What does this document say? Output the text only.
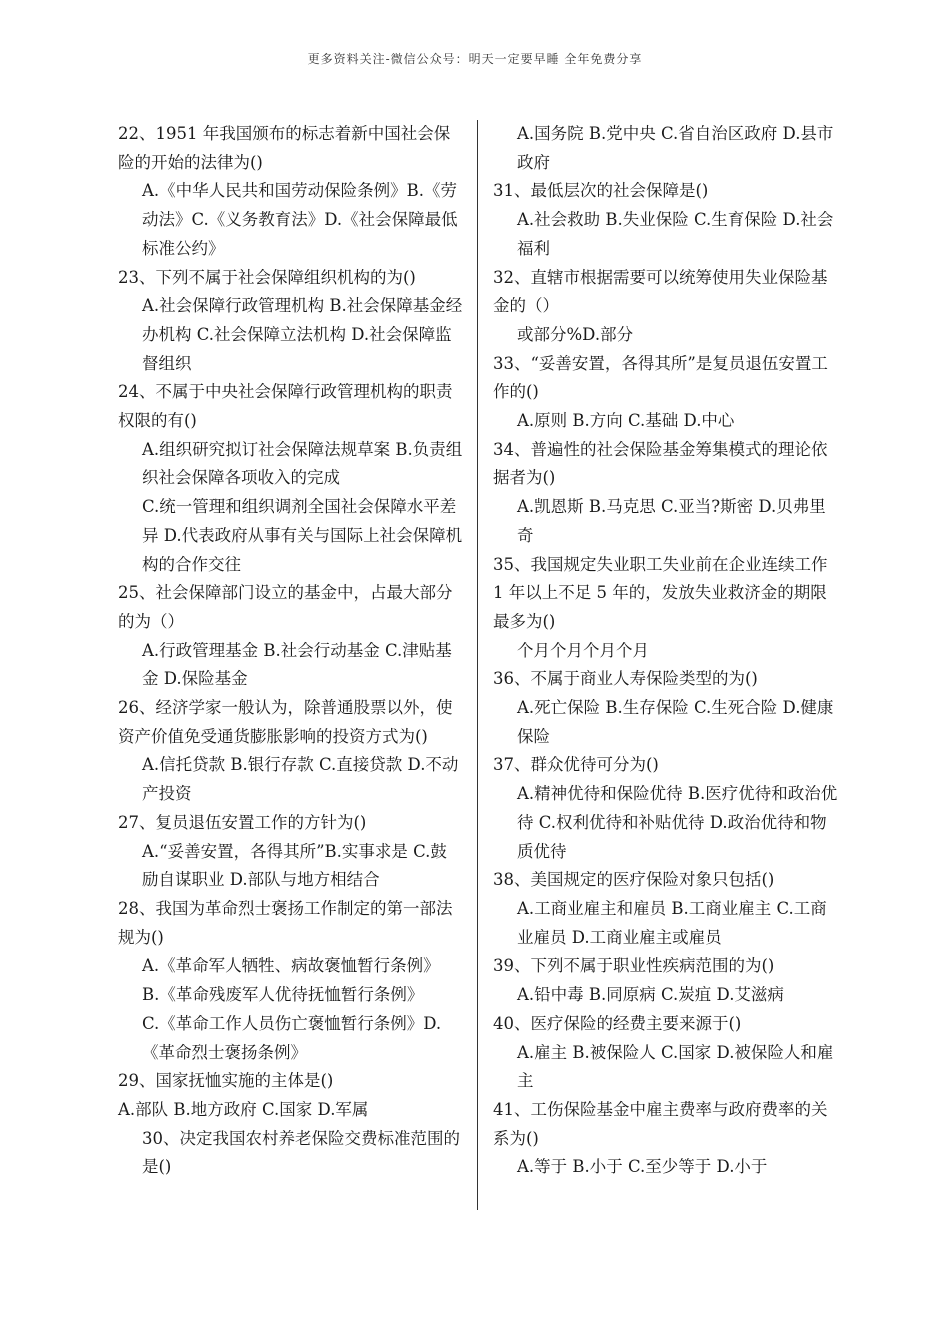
更多资料关注-微信公众号：明天一定要早睡 全年免费分享

22、1951 年我国颁布的标志着新中国社会保险的开始的法律为()

A.《中华人民共和国劳动保险条例》B.《劳动法》C.《义务教育法》D.《社会保障最低标准公约》

23、下列不属于社会保障组织机构的为()

A.社会保障行政管理机构 B.社会保障基金经办机构 C.社会保障立法机构 D.社会保障监督组织

24、不属于中央社会保障行政管理机构的职责权限的有()

A.组织研究拟订社会保障法规草案 B.负责组织社会保障各项收入的完成

C.统一管理和组织调剂全国社会保障水平差异 D.代表政府从事有关与国际上社会保障机构的合作交往

25、社会保障部门设立的基金中，占最大部分的为（）

A.行政管理基金 B.社会行动基金 C.津贴基金 D.保险基金

26、经济学家一般认为，除普通股票以外，使资产价值免受通货膨胀影响的投资方式为()

A.信托贷款 B.银行存款 C.直接贷款 D.不动产投资

27、复员退伍安置工作的方针为()

A.“妥善安置，各得其所”B.实事求是 C.鼓励自谋职业 D.部队与地方相结合

28、我国为革命烈士褒扬工作制定的第一部法规为()

A.《革命军人牺牲、病故褒恤暂行条例》

B.《革命残废军人优待抚恤暂行条例》

C.《革命工作人员伤亡褒恤暂行条例》D.《革命烈士褒扬条例》

29、国家抚恤实施的主体是()

A.部队 B.地方政府 C.国家 D.军属

30、决定我国农村养老保险交费标准范围的是()

A.国务院 B.党中央 C.省自治区政府 D.县市政府

31、最低层次的社会保障是()

A.社会救助 B.失业保险 C.生育保险 D.社会福利

32、直辖市根据需要可以统筹使用失业保险基金的（）

或部分%D.部分

33、“妥善安置，各得其所”是复员退伍安置工作的()

A.原则 B.方向 C.基础 D.中心

34、普遍性的社会保险基金筹集模式的理论依据者为()

A.凯恩斯 B.马克思 C.亚当?斯密 D.贝弗里奇

35、我国规定失业职工失业前在企业连续工作 1 年以上不足 5 年的，发放失业救济金的期限最多为()

个月个月个月个月

36、不属于商业人寿保险类型的为()

A.死亡保险 B.生存保险 C.生死合险 D.健康保险

37、群众优待可分为()

A.精神优待和保险优待 B.医疗优待和政治优待 C.权利优待和补贴优待 D.政治优待和物质优待

38、美国规定的医疗保险对象只包括()

A.工商业雇主和雇员 B.工商业雇主 C.工商业雇员 D.工商业雇主或雇员

39、下列不属于职业性疾病范围的为()

A.铅中毒 B.同原病 C.炭疽 D.艾滋病

40、医疗保险的经费主要来源于()

A.雇主 B.被保险人 C.国家 D.被保险人和雇主

41、工伤保险基金中雇主费率与政府费率的关系为()

A.等于 B.小于 C.至少等于 D.小于
